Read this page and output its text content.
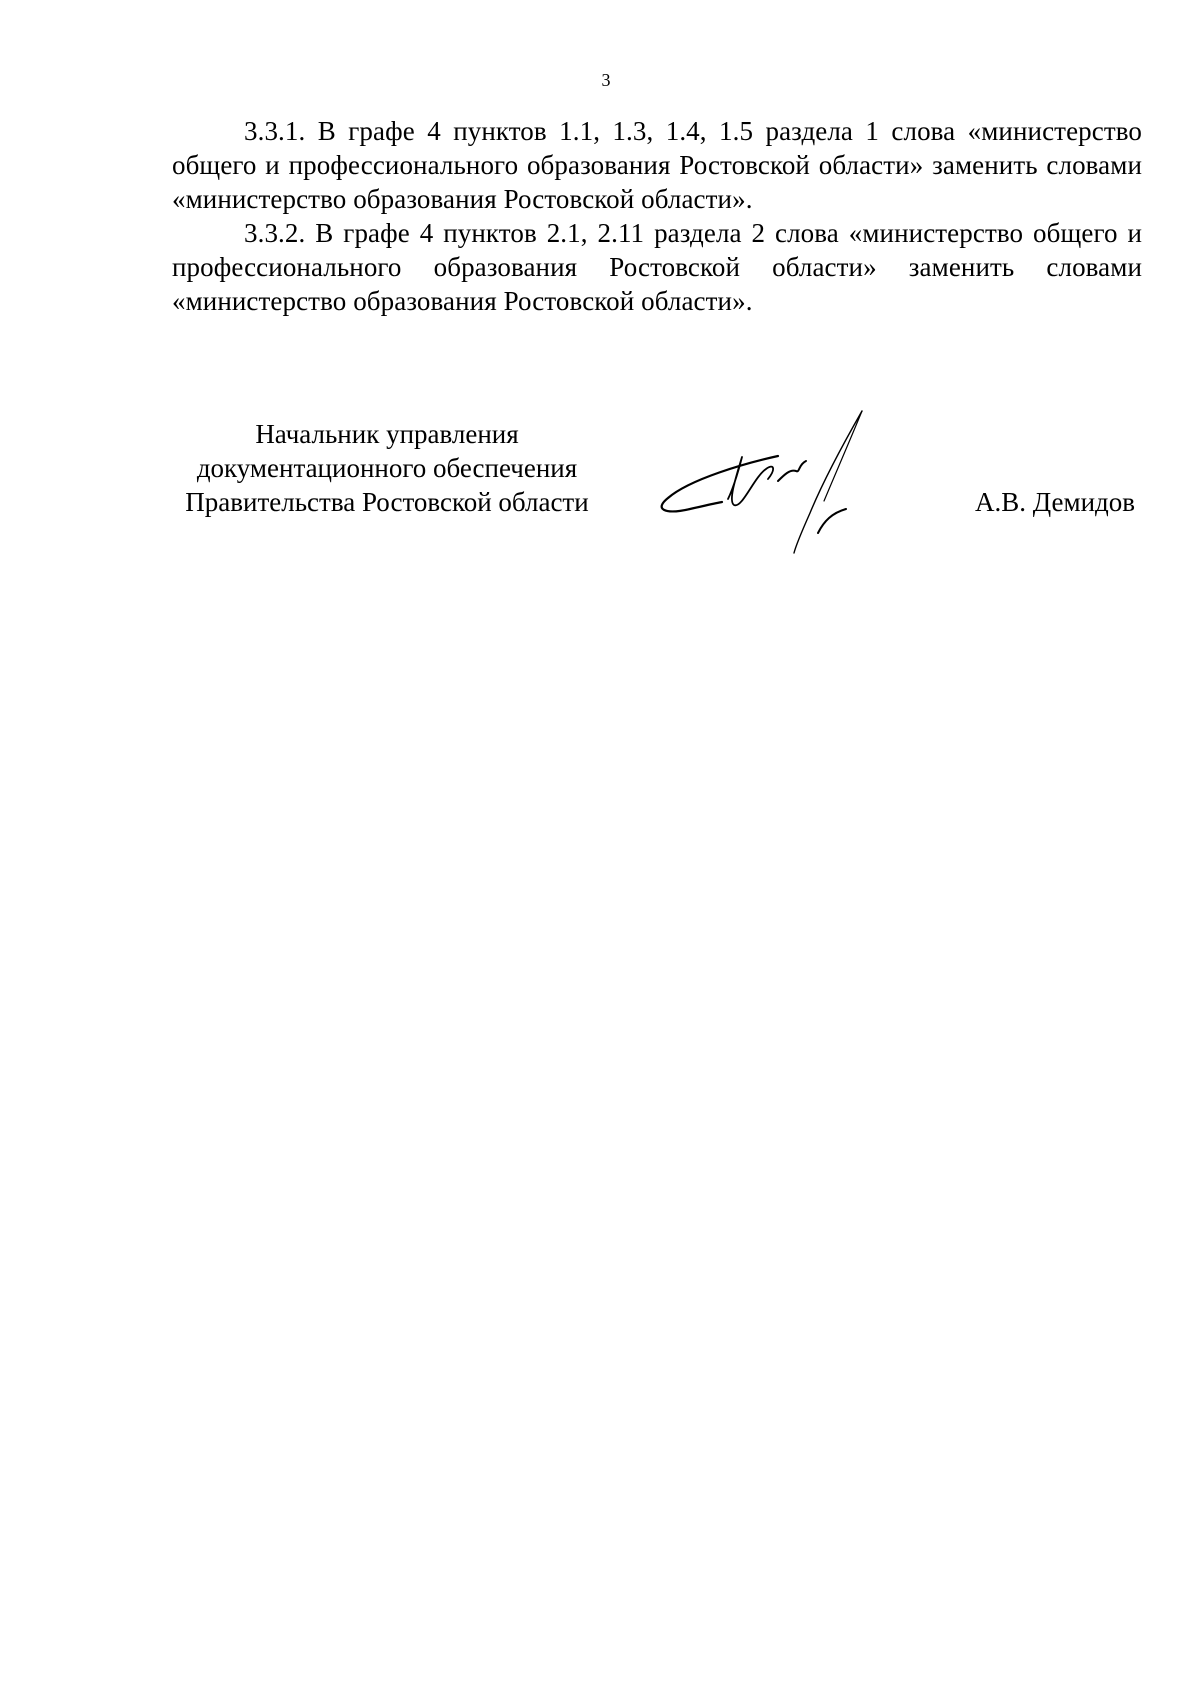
3

3.3.1. В графе 4 пунктов 1.1, 1.3, 1.4, 1.5 раздела 1 слова «министерство общего и профессионального образования Ростовской области» заменить словами «министерство образования Ростовской области».

3.3.2. В графе 4 пунктов 2.1, 2.11 раздела 2 слова «министерство общего и профессионального образования Ростовской области» заменить словами «министерство образования Ростовской области».

Начальник управления
документационного обеспечения
Правительства Ростовской области	А.В. Демидов
